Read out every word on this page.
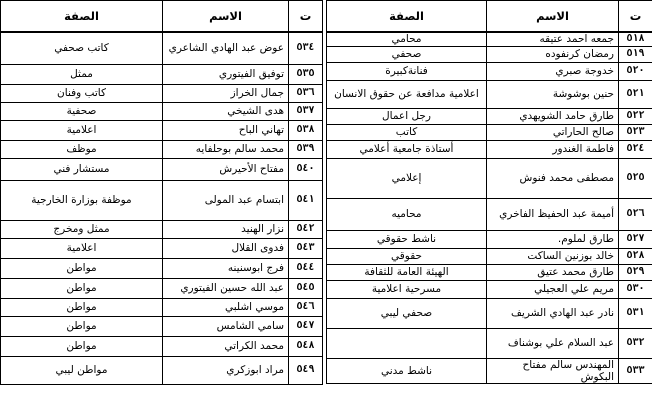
ت	الاسم	الصفة
٥١٨	جمعه احمد عتيقه	محامي
٥١٩	رمضان كرنفوده	صحفي
٥٢٠	خدوجة صبري	فنانةكبيرة
٥٢١	حنين بوشوشة	اعلامية مدافعة عن حقوق الانسان
٥٢٢	طارق حامد الشويهدي	رجل اعمال
٥٢٣	صالح الحاراتي	كاتب
٥٢٤	فاطمة الغندور	أستاذة جامعية أعلامي
٥٢٥	مصطفى محمد فنوش	إعلامي
٥٢٦	أميمة عبد الحفيظ الفاخري	محاميه
٥٢٧	طارق لملوم.	ناشط حقوقي
٥٢٨	خالد بوزنين الساكت	حقوقي
٥٢٩	طارق محمد عتيق	الهيئة العامة للثقافة
٥٣٠	مريم علي العجيلي	مسرحية اعلامية
٥٣١	نادر عبد الهادي الشريف	صحفي ليبي
٥٣٢	عبد السلام علي بوشناف	
٥٣٣	المهندس سالم مفتاح البكوش	ناشط مدني
ت	الاسم	الصفة
٥٣٤	عوض عبد الهادي الشاعري	كاتب صحفي
٥٣٥	توفيق الفيتوري	ممثل
٥٣٦	جمال الخراز	كاتب وفنان
٥٣٧	هدى الشيخي	صحفية
٥٣٨	تهاني الباح	اعلامية
٥٣٩	محمد سالم بوحلفايه	موظف
٥٤٠	مفتاح الأحيرش	مستشار فني
٥٤١	ابتسام عبد المولى	موظفة بوزارة الخارجية
٥٤٢	نزار الهنيد	ممثل ومخرج
٥٤٣	فدوى القلال	اعلامية
٥٤٤	فرج ابوسنينه	مواطن
٥٤٥	عبد الله حسين الفيتوري	مواطن
٥٤٦	موسي اشلبي	مواطن
٥٤٧	سامي الشامس	مواطن
٥٤٨	محمد الكراتي	مواطن
٥٤٩	مراد ابوزكري	مواطن ليبي
